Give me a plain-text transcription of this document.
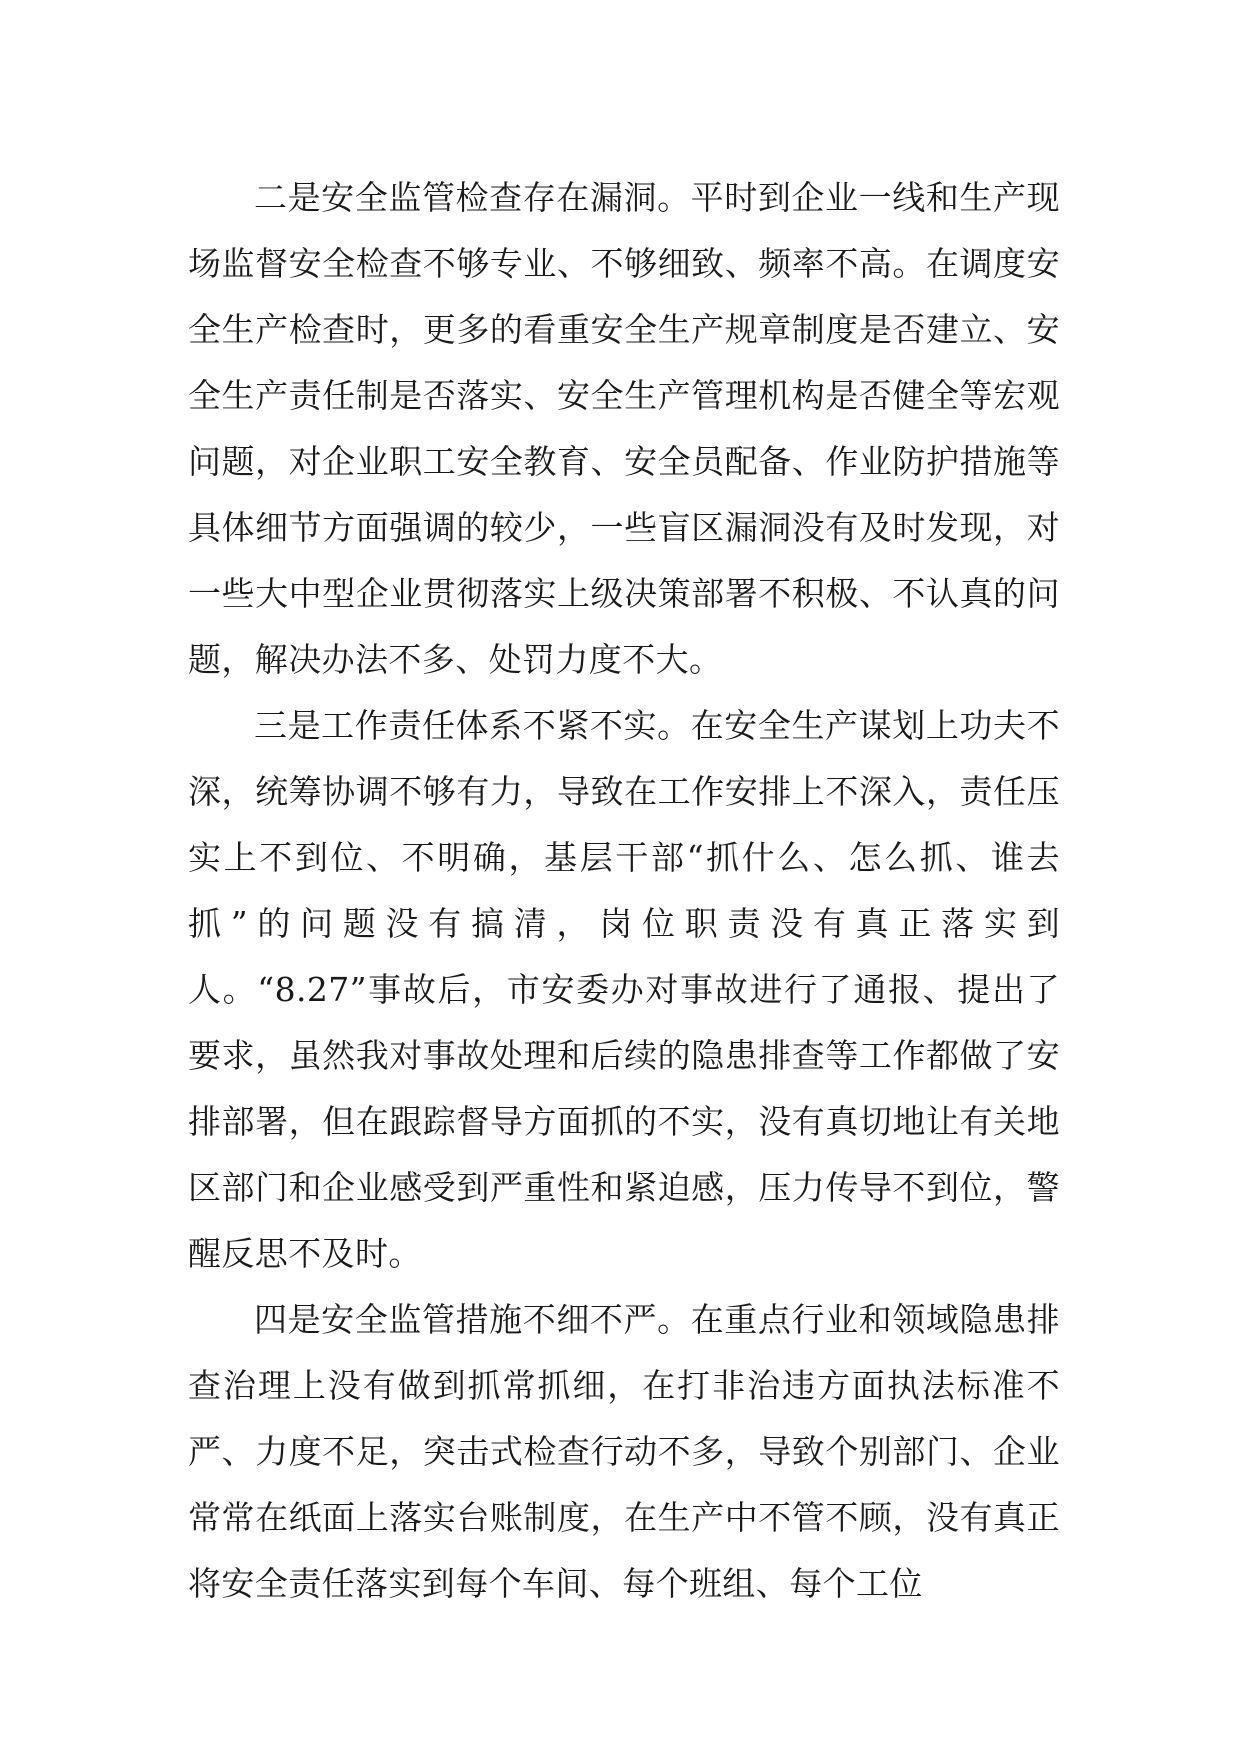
二是安全监管检查存在漏洞。平时到企业一线和生产现场监督安全检查不够专业、不够细致、频率不高。在调度安全生产检查时，更多的看重安全生产规章制度是否建立、安全生产责任制是否落实、安全生产管理机构是否健全等宏观问题，对企业职工安全教育、安全员配备、作业防护措施等具体细节方面强调的较少，一些盲区漏洞没有及时发现，对一些大中型企业贯彻落实上级决策部署不积极、不认真的问题，解决办法不多、处罚力度不大。

三是工作责任体系不紧不实。在安全生产谋划上功夫不深，统筹协调不够有力，导致在工作安排上不深入，责任压实上不到位、不明确，基层干部“抓什么、怎么抓、谁去抓”的问题没有搞清，岗位职责没有真正落实到人。“8.27”事故后，市安委办对事故进行了通报、提出了要求，虽然我对事故处理和后续的隐患排查等工作都做了安排部署，但在跟踪督导方面抓的不实，没有真切地让有关地区部门和企业感受到严重性和紧迫感，压力传导不到位，警醒反思不及时。

四是安全监管措施不细不严。在重点行业和领域隐患排查治理上没有做到抓常抓细，在打非治违方面执法标准不严、力度不足，突击式检查行动不多，导致个别部门、企业常常在纸面上落实台账制度，在生产中不管不顾，没有真正将安全责任落实到每个车间、每个班组、每个工位
